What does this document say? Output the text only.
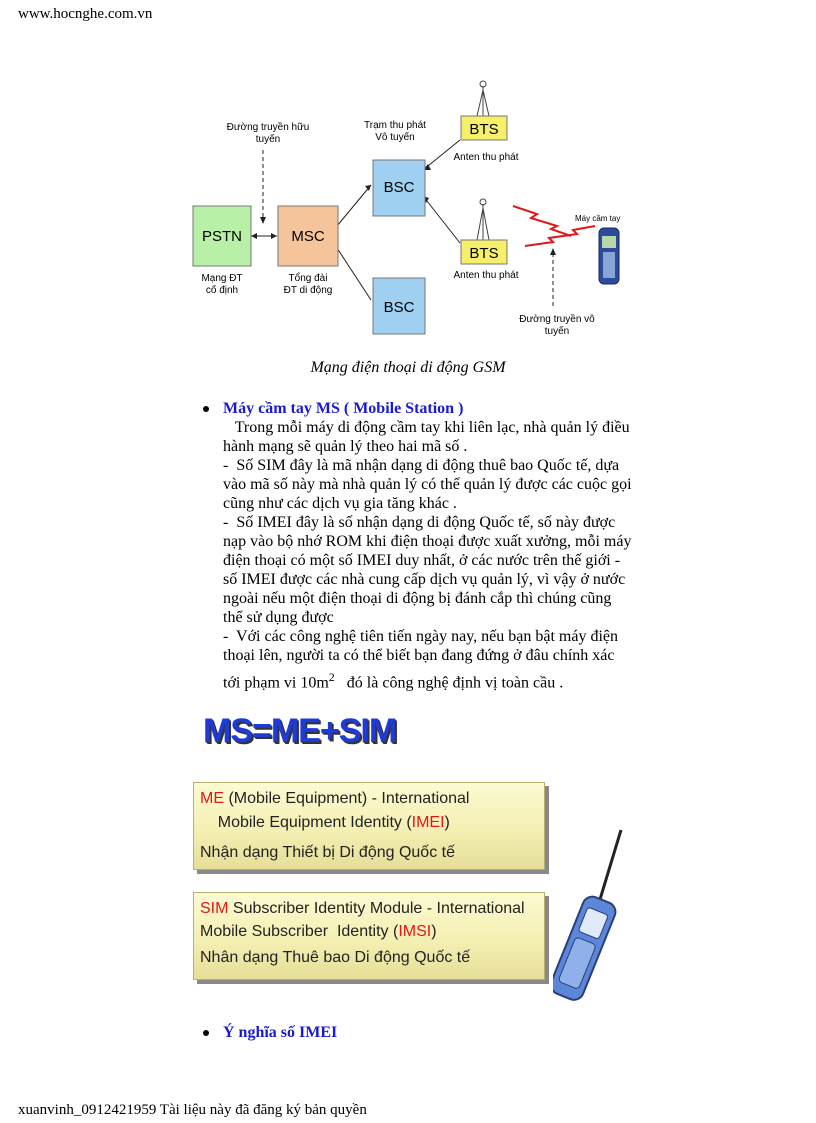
www.hocnghe.com.vn
PSTN
Mạng ĐT
cố định
MSC
Tổng đài
ĐT di động
Đường truyền hữu
tuyến
BSC
Trạm thu phát
Vô tuyến
BSC
BTS
Anten thu phát
BTS
Anten thu phát
Máy cầm tay
Đường truyền vô
tuyến
Mạng điện thoại di động GSM
Máy cầm tay MS ( Mobile Station )

Trong mỗi máy di động cầm tay khi liên lạc, nhà quản lý điều

hành mạng sẽ quản lý theo hai mã số .

-  Số SIM đây là mã nhận dạng di động thuê bao Quốc tế, dựa

vào mã số này mà nhà quản lý có thể quản lý được các cuộc gọi

cũng như các dịch vụ gia tăng khác .

-  Số IMEI đây là số nhận dạng di động Quốc tế, số này được

nạp vào bộ nhớ ROM khi điện thoại được xuất xưởng, mỗi máy

điện thoại có một số IMEI duy nhất, ở các nước trên thế giới -

số IMEI được các nhà cung cấp dịch vụ quản lý, vì vậy ở nước

ngoài nếu một điện thoại di động bị đánh cắp thì chúng cũng

thể sử dụng được

-  Với các công nghệ tiên tiến ngày nay, nếu bạn bật máy điện

thoại lên, người ta có thể biết bạn đang đứng ở đâu chính xác

tới phạm vi $10m^2$   đó là công nghệ định vị toàn cầu .

MS=ME+SIM
ME (Mobile Equipment) - International
Mobile Equipment Identity (IMEI)
Nhận dạng Thiết bị Di động Quốc tế
SIM Subscriber Identity Module - International
Mobile Subscriber  Identity (IMSI)
Nhân dạng Thuê bao Di động Quốc tế
Ý nghĩa số IMEI
xuanvinh_0912421959 Tài liệu này đã đăng ký bản quyền
